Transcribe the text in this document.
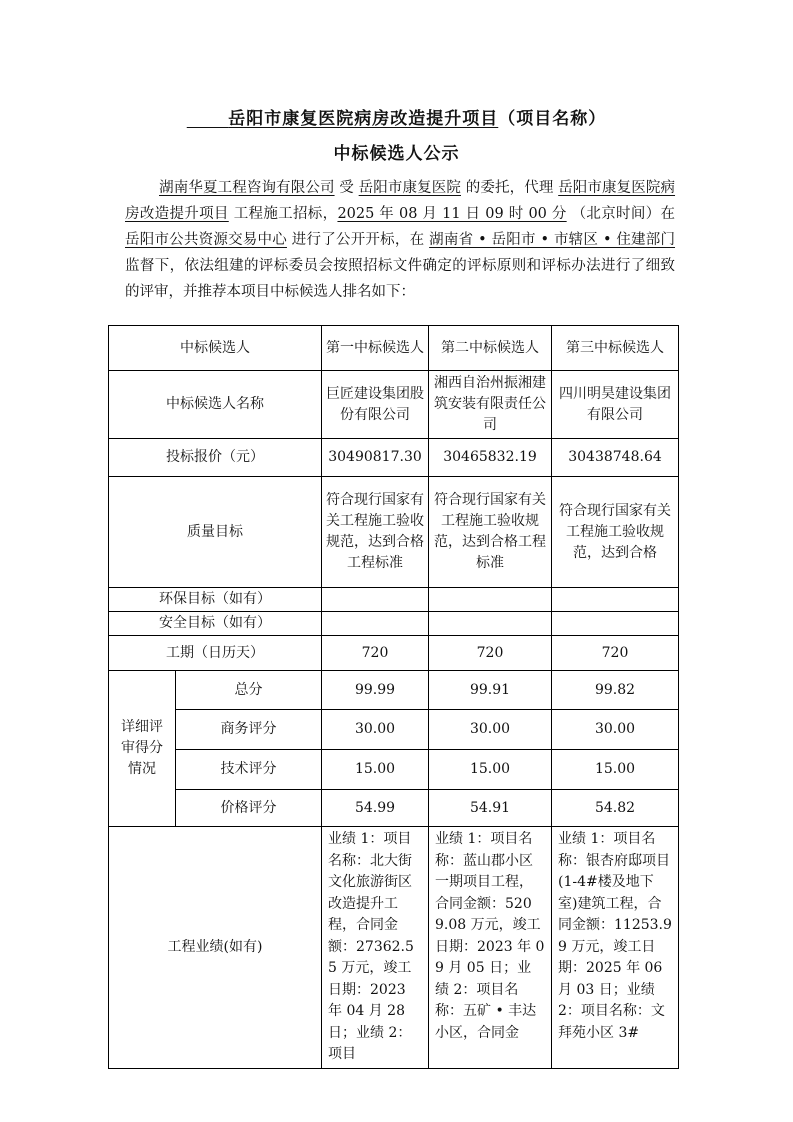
岳阳市康复医院病房改造提升项目（项目名称）
中标候选人公示
湖南华夏工程咨询有限公司 受 岳阳市康复医院 的委托，代理 岳阳市康复医院病房改造提升项目 工程施工招标，2025 年 08 月 11 日 09 时 00 分 （北京时间）在 岳阳市公共资源交易中心 进行了公开开标，在 湖南省 • 岳阳市 • 市辖区 • 住建部门 监督下，依法组建的评标委员会按照招标文件确定的评标原则和评标办法进行了细致的评审，并推荐本项目中标候选人排名如下：
中标候选人		第一中标候选人	第二中标候选人	第三中标候选人
中标候选人名称		巨匠建设集团股份有限公司	湘西自治州振湘建筑安装有限责任公司	四川明昊建设集团有限公司
投标报价（元）		30490817.30	30465832.19	30438748.64
质量目标		符合现行国家有关工程施工验收规范，达到合格工程标准	符合现行国家有关工程施工验收规范，达到合格工程标准	符合现行国家有关工程施工验收规范，达到合格
环保目标（如有）				
安全目标（如有）				
工期（日历天）		720	720	720
详细评审得分情况	总分	99.99	99.91	99.82
	商务评分	30.00	30.00	30.00
	技术评分	15.00	15.00	15.00
	价格评分	54.99	54.91	54.82
工程业绩(如有)		业绩 1：项目名称：北大街文化旅游街区改造提升工程，合同金额：27362.55 万元，竣工日期：2023 年 04 月 28 日；业绩 2：项目	业绩 1：项目名称：蓝山郡小区一期项目工程，合同金额：5209.08 万元，竣工日期：2023 年 09 月 05 日；业绩 2：项目名称：五矿 • 丰达小区，合同金	业绩 1：项目名称：银杏府邸项目(1-4#楼及地下室)建筑工程，合同金额：11253.99 万元，竣工日期：2025 年 06 月 03 日；业绩 2：项目名称：文拜苑小区 3#
